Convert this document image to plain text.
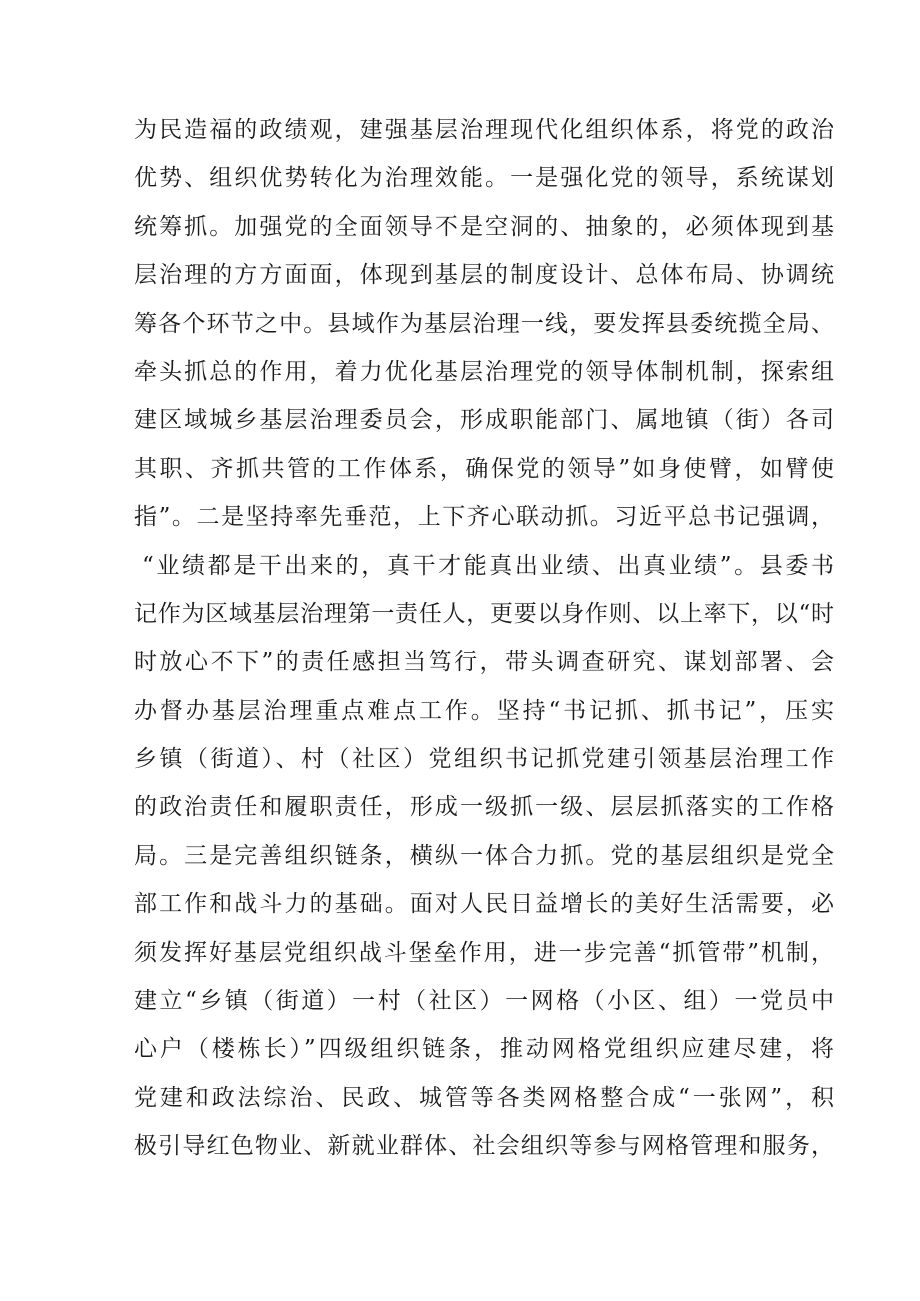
为民造福的政绩观，建强基层治理现代化组织体系，将党的政治
优势、组织优势转化为治理效能。一是强化党的领导，系统谋划
统筹抓。加强党的全面领导不是空洞的、抽象的，必须体现到基
层治理的方方面面，体现到基层的制度设计、总体布局、协调统
筹各个环节之中。县域作为基层治理一线，要发挥县委统揽全局、
牵头抓总的作用，着力优化基层治理党的领导体制机制，探索组
建区域城乡基层治理委员会，形成职能部门、属地镇（街）各司
其职、齐抓共管的工作体系，确保党的领导”如身使臂，如臂使
指”。二是坚持率先垂范，上下齐心联动抓。习近平总书记强调，
“业绩都是干出来的，真干才能真出业绩、出真业绩”。县委书
记作为区域基层治理第一责任人，更要以身作则、以上率下，以“时
时放心不下”的责任感担当笃行，带头调查研究、谋划部署、会
办督办基层治理重点难点工作。坚持“书记抓、抓书记”，压实
乡镇（街道）、村（社区）党组织书记抓党建引领基层治理工作
的政治责任和履职责任，形成一级抓一级、层层抓落实的工作格
局。三是完善组织链条，横纵一体合力抓。党的基层组织是党全
部工作和战斗力的基础。面对人民日益增长的美好生活需要，必
须发挥好基层党组织战斗堡垒作用，进一步完善“抓管带”机制，
建立“乡镇（街道）一村（社区）一网格（小区、组）一党员中
心户（楼栋长）”四级组织链条，推动网格党组织应建尽建，将
党建和政法综治、民政、城管等各类网格整合成“一张网”，积
极引导红色物业、新就业群体、社会组织等参与网格管理和服务，
